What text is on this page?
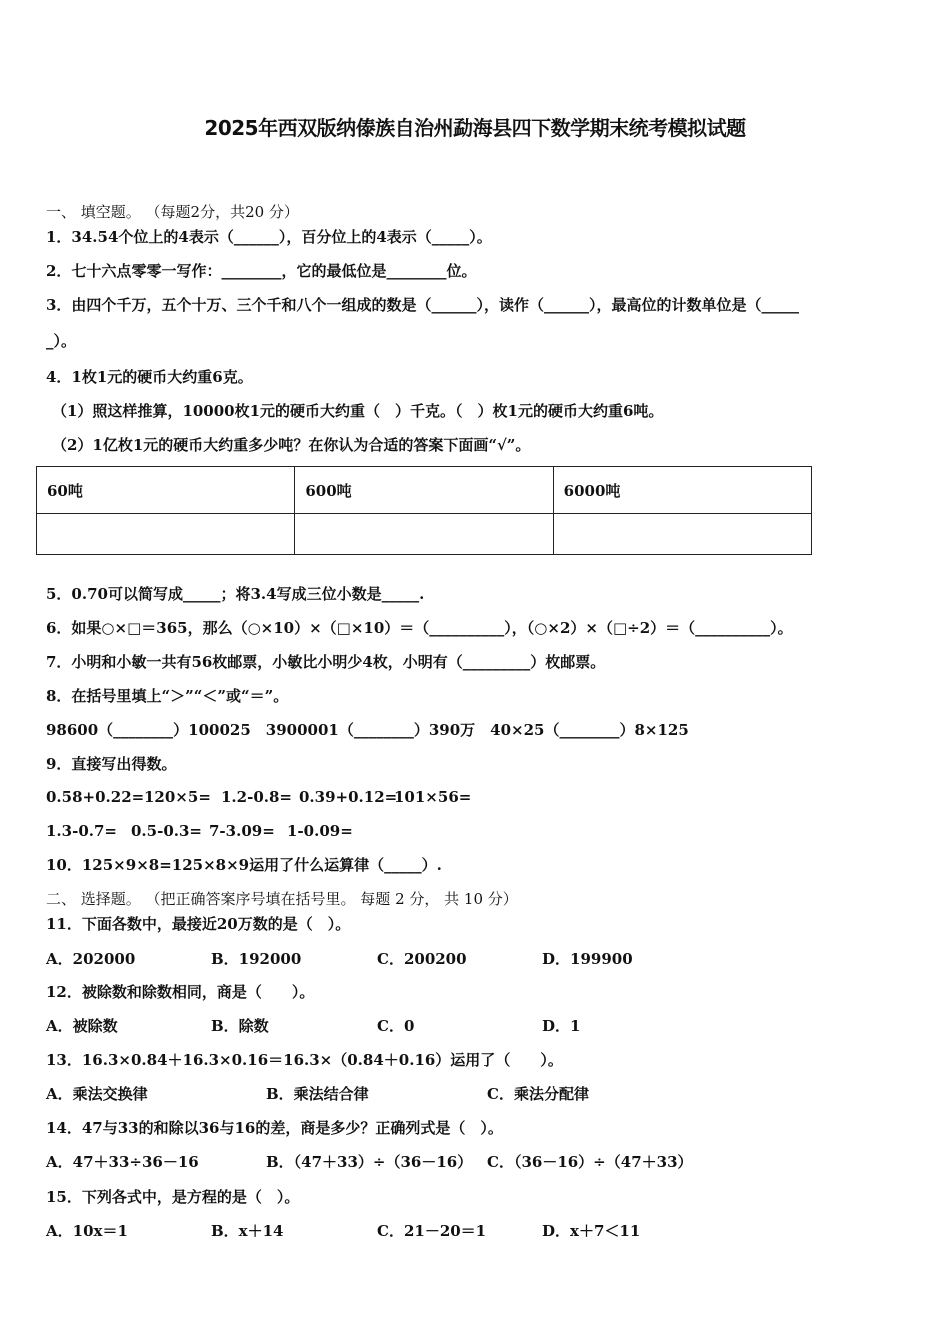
2025年西双版纳傣族自治州勐海县四下数学期末统考模拟试题
一、 填空题。 （每题2分，共20 分）
1．34.54个位上的4表示（______），百分位上的4表示（_____）。
2．七十六点零零一写作：________，它的最低位是________位。
3．由四个千万，五个十万、三个千和八个一组成的数是（______），读作（______），最高位的计数单位是（_____
_）。
4．1枚1元的硬币大约重6克。
（1）照这样推算，10000枚1元的硬币大约重（　）千克。（　）枚1元的硬币大约重6吨。
（2）1亿枚1元的硬币大约重多少吨？在你认为合适的答案下面画“√”。
60吨	600吨	6000吨

5．0.70可以简写成_____；将3.4写成三位小数是_____.
6．如果○×□＝365，那么（○×10）×（□×10）＝（__________），（○×2）×（□÷2）＝（__________）。
7．小明和小敏一共有56枚邮票，小敏比小明少4枚，小明有（_________）枚邮票。
8．在括号里填上“＞”“＜”或“＝”。
98600（________）100025　3900001（________）390万　40×25（________）8×125
9．直接写出得数。
0.58+0.22= 120×5= 1.2-0.8= 0.39+0.12=
101×56=
1.3-0.7= 0.5-0.3= 7-3.09= 1-0.09=
10．125×9×8=125×8×9运用了什么运算律（_____）.
二、 选择题。 （把正确答案序号填在括号里。 每题 2 分， 共 10 分）
11．下面各数中，最接近20万数的是（　）。
A．202000	B．192000	C．200200	D．199900
12．被除数和除数相同，商是（　　）。
A．被除数	B．除数	C．0	D．1
13．16.3×0.84＋16.3×0.16＝16.3×（0.84＋0.16）运用了（　　）。
A．乘法交换律	B．乘法结合律	C．乘法分配律
14．47与33的和除以36与16的差，商是多少？正确列式是（　）。
A．47＋33÷36－16	B．（47＋33）÷（36－16） C．（36－16）÷（47＋33）
15．下列各式中，是方程的是（　）。
A．10x＝1	B．x＋14	C．21－20＝1	D．x＋7＜11
